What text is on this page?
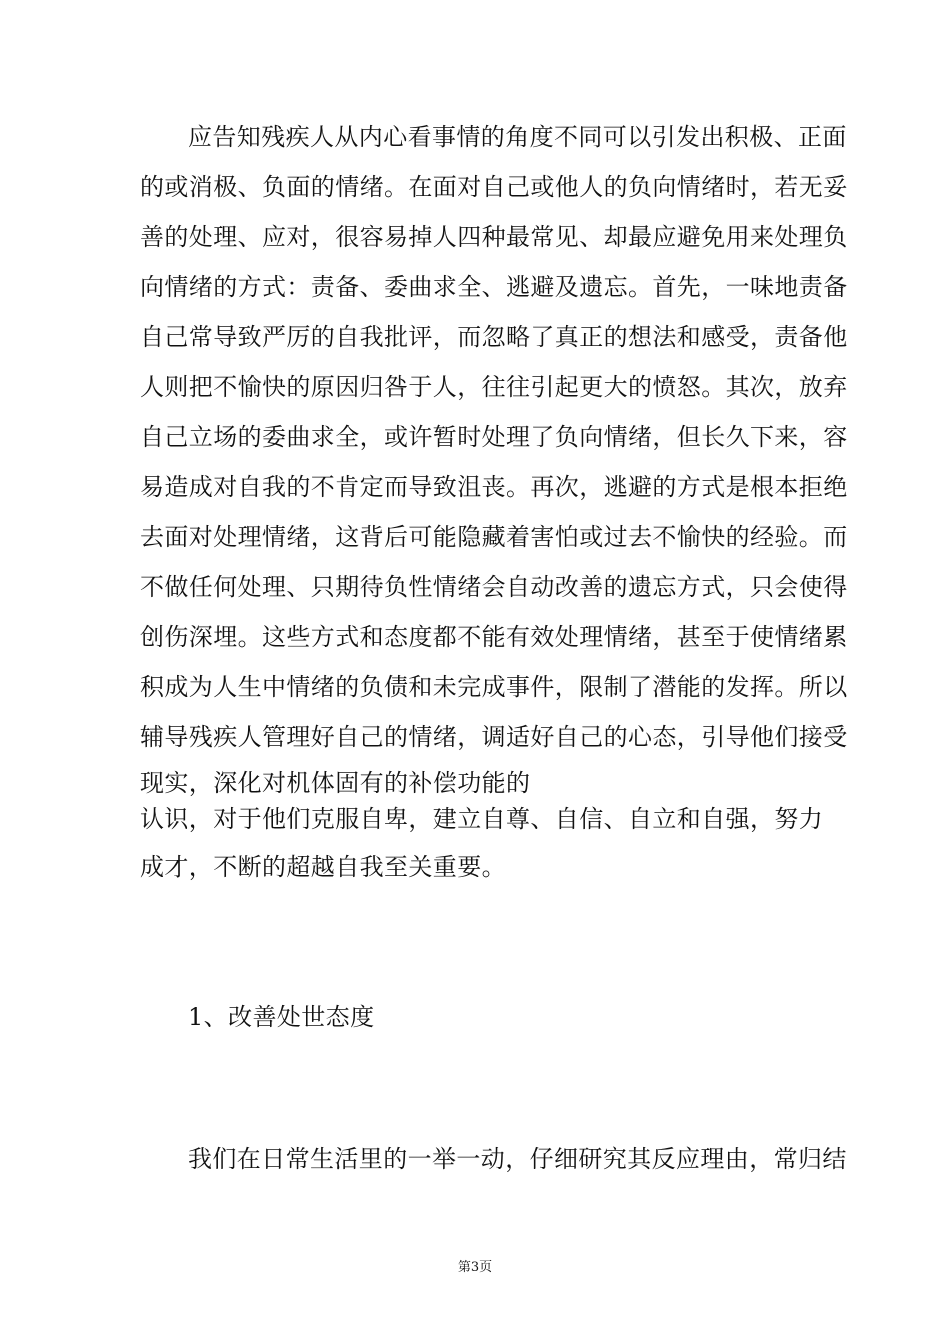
应告知残疾人从内心看事情的角度不同可以引发出积极、正面
的或消极、负面的情绪。在面对自己或他人的负向情绪时，若无妥
善的处理、应对，很容易掉人四种最常见、却最应避免用来处理负
向情绪的方式：责备、委曲求全、逃避及遗忘。首先，一味地责备
自己常导致严厉的自我批评，而忽略了真正的想法和感受，责备他
人则把不愉快的原因归咎于人，往往引起更大的愤怒。其次，放弃
自己立场的委曲求全，或许暂时处理了负向情绪，但长久下来，容
易造成对自我的不肯定而导致沮丧。再次，逃避的方式是根本拒绝
去面对处理情绪，这背后可能隐藏着害怕或过去不愉快的经验。而
不做任何处理、只期待负性情绪会自动改善的遗忘方式，只会使得
创伤深埋。这些方式和态度都不能有效处理情绪，甚至于使情绪累
积成为人生中情绪的负债和未完成事件，限制了潜能的发挥。所以
辅导残疾人管理好自己的情绪，调适好自己的心态，引导他们接受
现实，深化对机体固有的补偿功能的
认识，对于他们克服自卑，建立自尊、自信、自立和自强，努力
成才，不断的超越自我至关重要。
1、改善处世态度
我们在日常生活里的一举一动，仔细研究其反应理由，常归结
第3页
